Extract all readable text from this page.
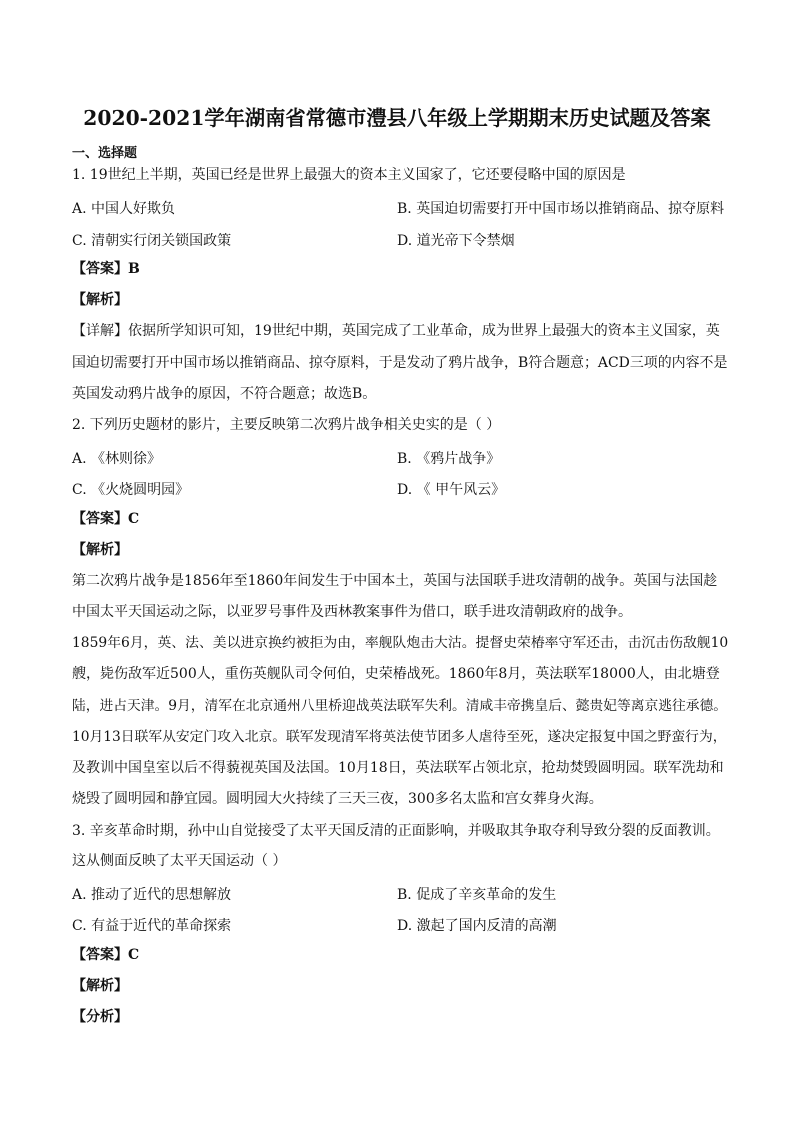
2020-2021学年湖南省常德市澧县八年级上学期期末历史试题及答案
一、选择题
1. 19世纪上半期，英国已经是世界上最强大的资本主义国家了，它还要侵略中国的原因是
A. 中国人好欺负	B. 英国迫切需要打开中国市场以推销商品、掠夺原料
C. 清朝实行闭关锁国政策	D. 道光帝下令禁烟
【答案】B
【解析】
【详解】依据所学知识可知，19世纪中期，英国完成了工业革命，成为世界上最强大的资本主义国家，英
国迫切需要打开中国市场以推销商品、掠夺原料，于是发动了鸦片战争，B符合题意；ACD三项的内容不是
英国发动鸦片战争的原因，不符合题意；故选B。
2. 下列历史题材的影片，主要反映第二次鸦片战争相关史实的是（ ）
A. 《林则徐》	B. 《鸦片战争》
C. 《火烧圆明园》	D. 《 甲午风云》
【答案】C
【解析】
第二次鸦片战争是1856年至1860年间发生于中国本土，英国与法国联手进攻清朝的战争。英国与法国趁
中国太平天国运动之际，以亚罗号事件及西林教案事件为借口，联手进攻清朝政府的战争。
1859年6月，英、法、美以进京换约被拒为由，率舰队炮击大沽。提督史荣椿率守军还击，击沉击伤敌舰10
艘，毙伤敌军近500人，重伤英舰队司令何伯，史荣椿战死。1860年8月，英法联军18000人，由北塘登
陆，进占天津。9月，清军在北京通州八里桥迎战英法联军失利。清咸丰帝携皇后、懿贵妃等离京逃往承德。
10月13日联军从安定门攻入北京。联军发现清军将英法使节团多人虐待至死，遂决定报复中国之野蛮行为，
及教训中国皇室以后不得藐视英国及法国。10月18日，英法联军占领北京，抢劫焚毁圆明园。联军洗劫和
烧毁了圆明园和静宜园。圆明园大火持续了三天三夜，300多名太监和宫女葬身火海。
3. 辛亥革命时期，孙中山自觉接受了太平天国反清的正面影响，并吸取其争取夺利导致分裂的反面教训。
这从侧面反映了太平天国运动（ ）
A. 推动了近代的思想解放	B. 促成了辛亥革命的发生
C. 有益于近代的革命探索	D. 激起了国内反清的高潮
【答案】C
【解析】
【分析】
